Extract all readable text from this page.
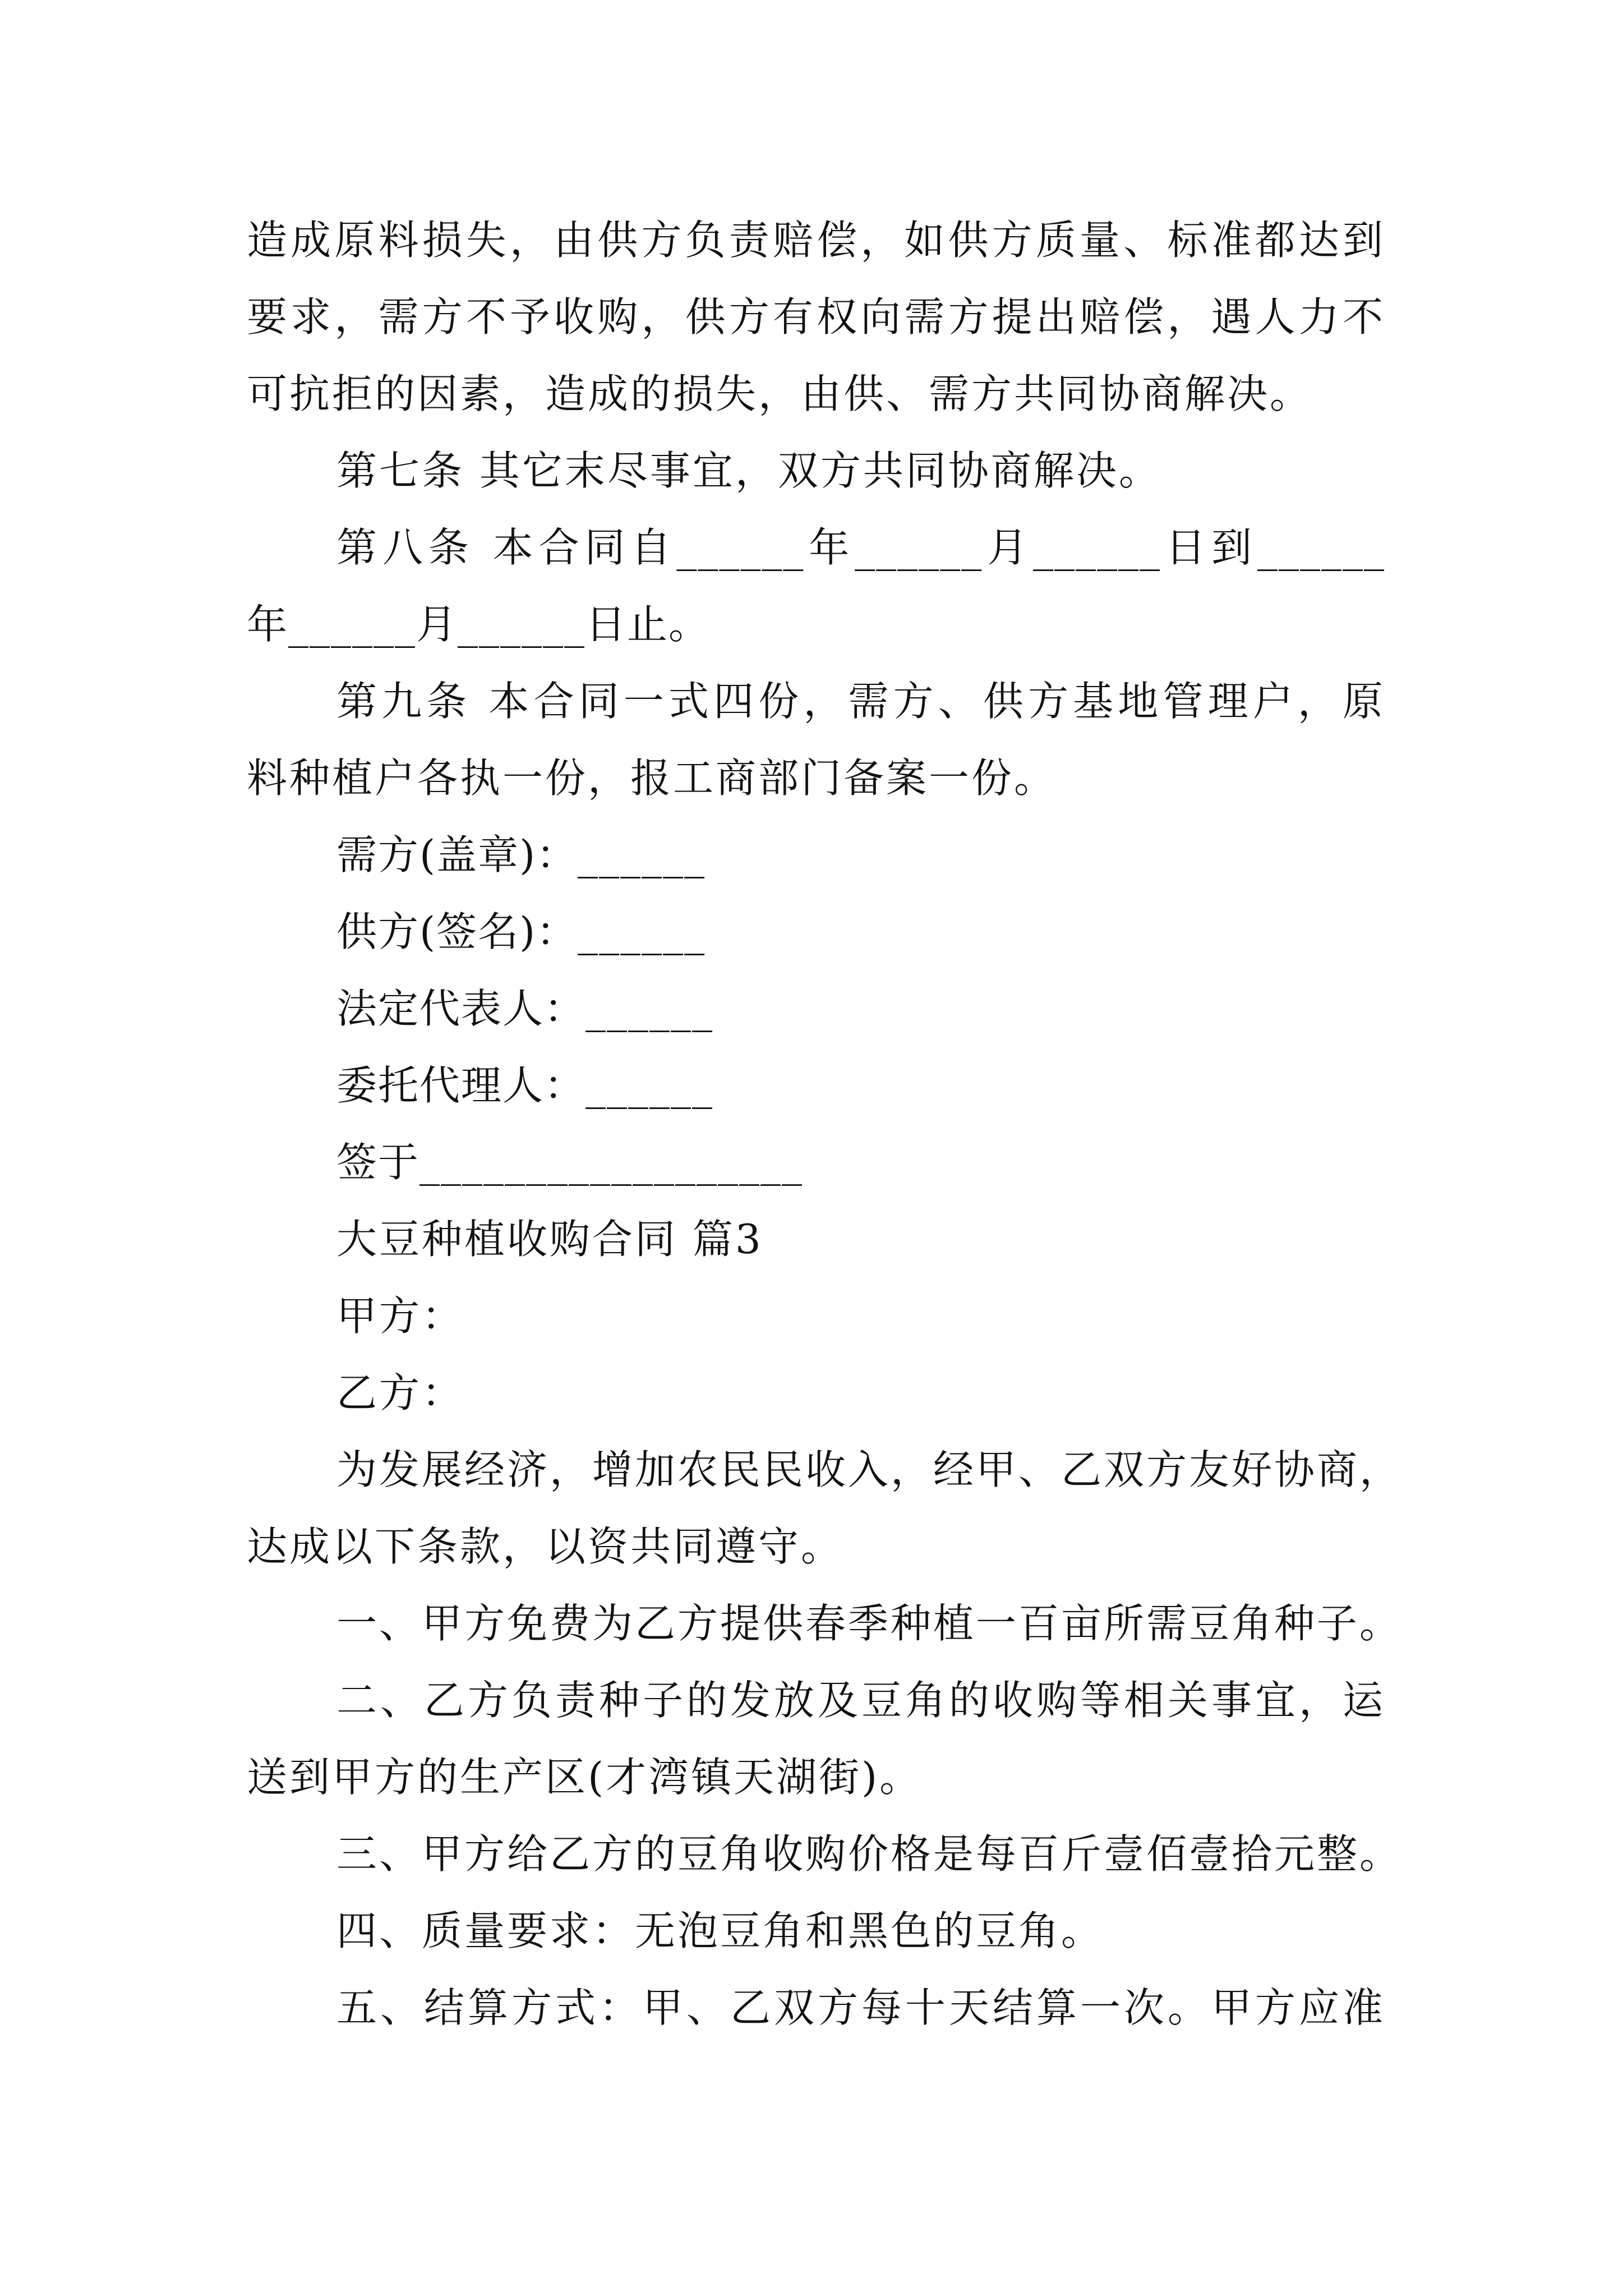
造成原料损失，由供方负责赔偿，如供方质量、标准都达到
要求，需方不予收购，供方有权向需方提出赔偿，遇人力不
可抗拒的因素，造成的损失，由供、需方共同协商解决。
第七条 其它末尽事宜，双方共同协商解决。
第八条 本合同自______年______月______日到______
年______月______日止。
第九条 本合同一式四份，需方、供方基地管理户，原
料种植户各执一份，报工商部门备案一份。
需方(盖章)：______
供方(签名)：______
法定代表人：______
委托代理人：______
签于__________________
大豆种植收购合同 篇3
甲方：
乙方：
为发展经济，增加农民民收入，经甲、乙双方友好协商，
达成以下条款，以资共同遵守。
一、甲方免费为乙方提供春季种植一百亩所需豆角种子。
二、乙方负责种子的发放及豆角的收购等相关事宜，运
送到甲方的生产区(才湾镇天湖街)。
三、甲方给乙方的豆角收购价格是每百斤壹佰壹拾元整。
四、质量要求：无泡豆角和黑色的豆角。
五、结算方式：甲、乙双方每十天结算一次。甲方应准
